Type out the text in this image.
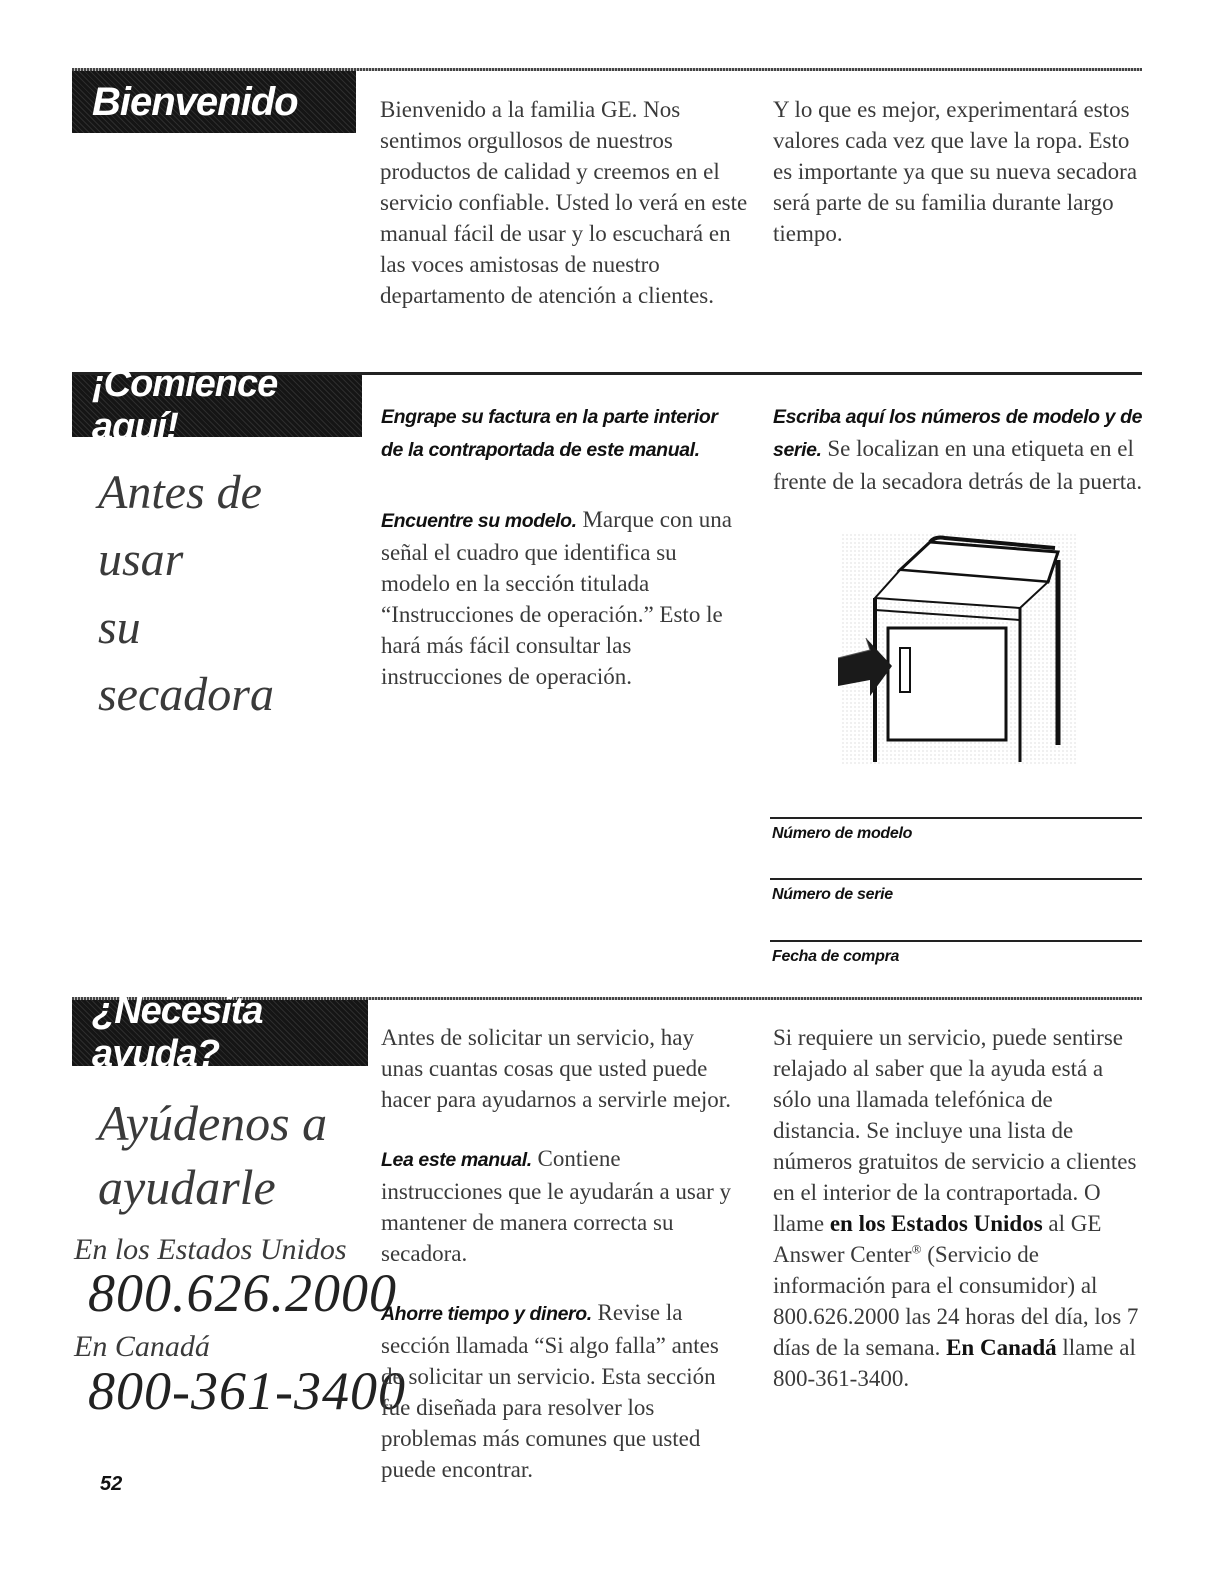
Bienvenido	Bienvenido a la familia GE. Nos sentimos orgullosos de nuestros productos de calidad y creemos en el servicio confiable. Usted lo verá en este manual fácil de usar y lo escuchará en las voces amistosas de nuestro departamento de atención a clientes.

Y lo que es mejor, experimentará estos valores cada vez que lave la ropa. Esto es importante ya que su nueva secadora será parte de su familia durante largo tiempo.

¡Comience aquí!
Antes de
usar
su
secadora

Engrape su factura en la parte interior de la contraportada de este manual.

Encuentre su modelo. Marque con una señal el cuadro que identifica su modelo en la sección titulada “Instrucciones de operación.” Esto le hará más fácil consultar las instrucciones de operación.

Escriba aquí los números de modelo y de serie. Se localizan en una etiqueta en el frente de la secadora detrás de la puerta.

Número de modelo
Número de serie
Fecha de compra
¿Necesita ayuda?
Ayúdenos a
ayudarle
En los Estados Unidos
800.626.2000
En Canadá
800-361-3400

Antes de solicitar un servicio, hay unas cuantas cosas que usted puede hacer para ayudarnos a servirle mejor.

Lea este manual. Contiene instrucciones que le ayudarán a usar y mantener de manera correcta su secadora.

Ahorre tiempo y dinero. Revise la sección llamada “Si algo falla” antes de solicitar un servicio. Esta sección fue diseñada para resolver los problemas más comunes que usted puede encontrar.

Si requiere un servicio, puede sentirse relajado al saber que la ayuda está a sólo una llamada telefónica de distancia. Se incluye una lista de números gratuitos de servicio a clientes en el interior de la contraportada. O llame en los Estados Unidos al GE Answer Center® (Servicio de información para el consumidor) al 800.626.2000 las 24 horas del día, los 7 días de la semana. En Canadá llame al 800-361-3400.

52
